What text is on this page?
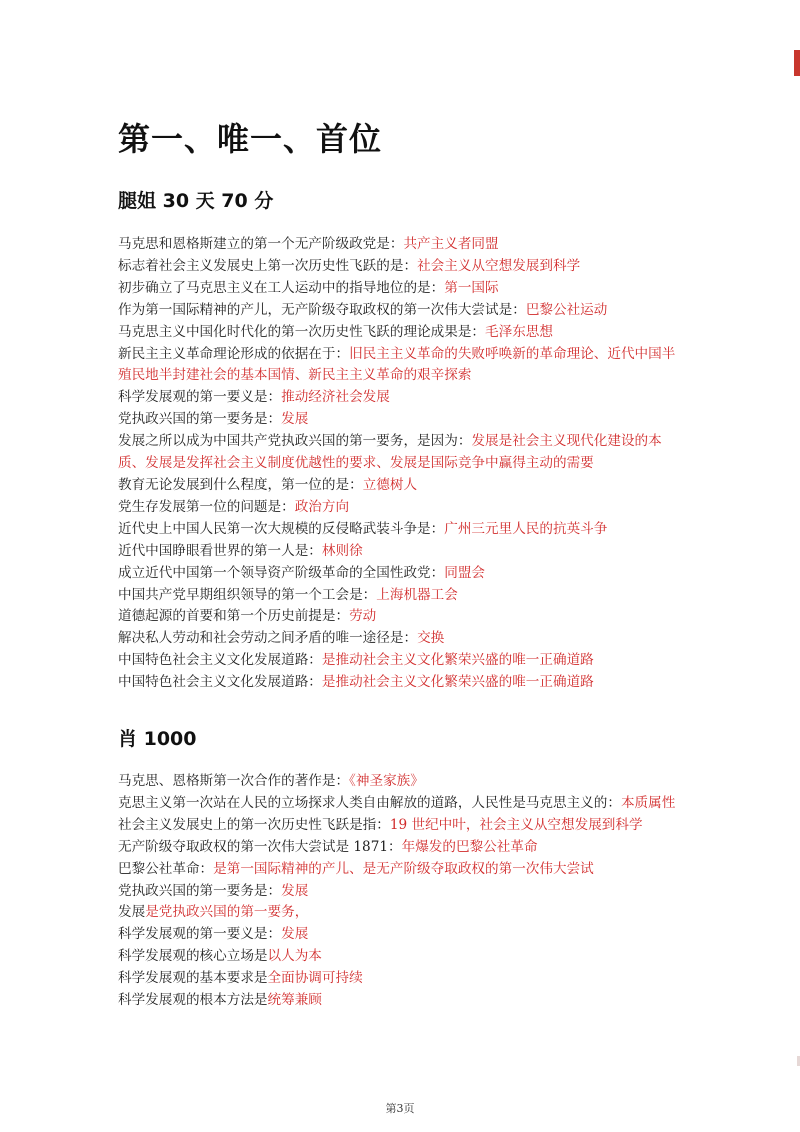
第一、唯一、首位
腿姐 30 天 70 分
马克思和恩格斯建立的第一个无产阶级政党是：共产主义者同盟
标志着社会主义发展史上第一次历史性飞跃的是：社会主义从空想发展到科学
初步确立了马克思主义在工人运动中的指导地位的是：第一国际
作为第一国际精神的产儿，无产阶级夺取政权的第一次伟大尝试是：巴黎公社运动
马克思主义中国化时代化的第一次历史性飞跃的理论成果是：毛泽东思想
新民主主义革命理论形成的依据在于：旧民主主义革命的失败呼唤新的革命理论、近代中国半殖民地半封建社会的基本国情、新民主主义革命的艰辛探索
科学发展观的第一要义是：推动经济社会发展
党执政兴国的第一要务是：发展
发展之所以成为中国共产党执政兴国的第一要务，是因为：发展是社会主义现代化建设的本质、发展是发挥社会主义制度优越性的要求、发展是国际竞争中赢得主动的需要
教育无论发展到什么程度，第一位的是：立德树人
党生存发展第一位的问题是：政治方向
近代史上中国人民第一次大规模的反侵略武装斗争是：广州三元里人民的抗英斗争
近代中国睁眼看世界的第一人是：林则徐
成立近代中国第一个领导资产阶级革命的全国性政党：同盟会
中国共产党早期组织领导的第一个工会是：上海机器工会
道德起源的首要和第一个历史前提是：劳动
解决私人劳动和社会劳动之间矛盾的唯一途径是：交换
中国特色社会主义文化发展道路：是推动社会主义文化繁荣兴盛的唯一正确道路
中国特色社会主义文化发展道路：是推动社会主义文化繁荣兴盛的唯一正确道路
肖 1000
马克思、恩格斯第一次合作的著作是：《神圣家族》
克思主义第一次站在人民的立场探求人类自由解放的道路，人民性是马克思主义的：本质属性
社会主义发展史上的第一次历史性飞跃是指：19 世纪中叶，社会主义从空想发展到科学
无产阶级夺取政权的第一次伟大尝试是 1871：年爆发的巴黎公社革命
巴黎公社革命：是第一国际精神的产儿、是无产阶级夺取政权的第一次伟大尝试
党执政兴国的第一要务是：发展
发展是党执政兴国的第一要务，
科学发展观的第一要义是：发展
科学发展观的核心立场是以人为本
科学发展观的基本要求是全面协调可持续
科学发展观的根本方法是统筹兼顾
第3页
